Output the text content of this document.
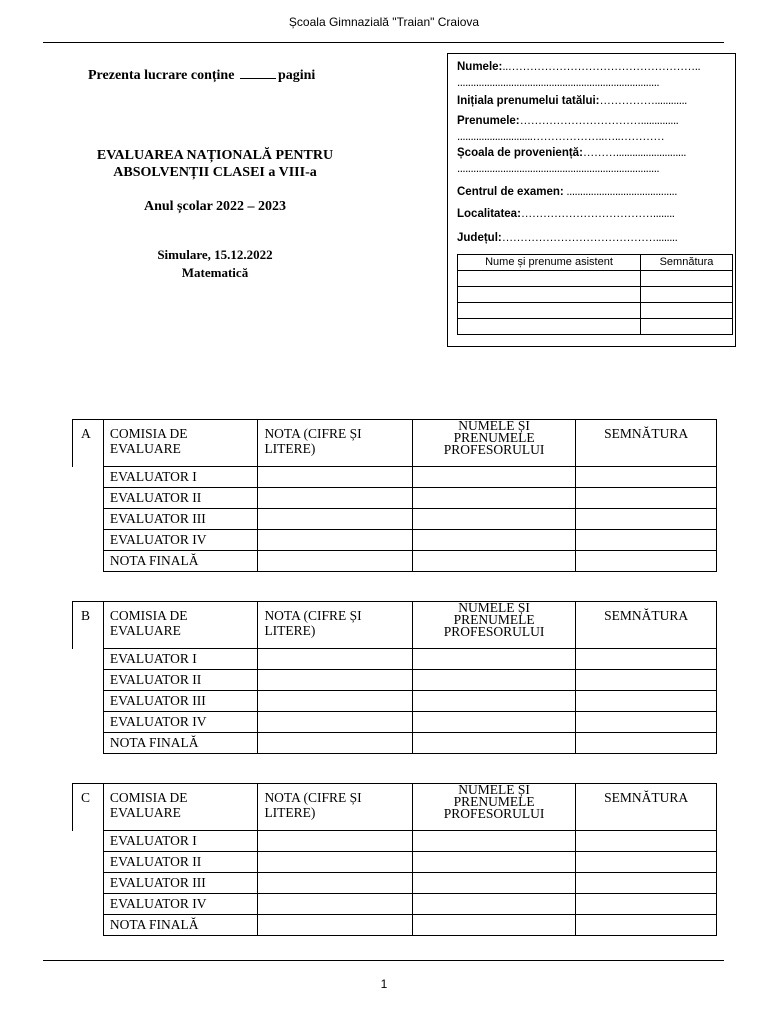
Școala Gimnazială "Traian" Craiova
Prezenta lucrare conține	pagini
EVALUAREA NAȚIONALĂ PENTRU
ABSOLVENȚII CLASEI a VIII-a
Anul școlar 2022 – 2023
Simulare, 15.12.2022
Matematică
Numele:..……………………………………………..
...........................................................................
Inițiala prenumelui tatălui:……………............
Prenumele:……………………………..............
............................………………..…..…………
Școala de proveniență:………..........................
...........................................................................
Centrul de examen: .........................................
Localitatea:………………………………........
Județul:……………………………………........
Nume și prenume asistent	Semnătura

A	COMISIA DE EVALUARE	NOTA (CIFRE ȘI LITERE)	NUMELE ȘI
PRENUMELE
PROFESORULUI	SEMNĂTURA
	EVALUATOR I			
	EVALUATOR II			
	EVALUATOR III			
	EVALUATOR IV			
	NOTA FINALĂ			
B	COMISIA DE EVALUARE	NOTA (CIFRE ȘI LITERE)	NUMELE ȘI
PRENUMELE
PROFESORULUI	SEMNĂTURA
	EVALUATOR I			
	EVALUATOR II			
	EVALUATOR III			
	EVALUATOR IV			
	NOTA FINALĂ			
C	COMISIA DE EVALUARE	NOTA (CIFRE ȘI LITERE)	NUMELE ȘI
PRENUMELE
PROFESORULUI	SEMNĂTURA
	EVALUATOR I			
	EVALUATOR II			
	EVALUATOR III			
	EVALUATOR IV			
	NOTA FINALĂ			
1
